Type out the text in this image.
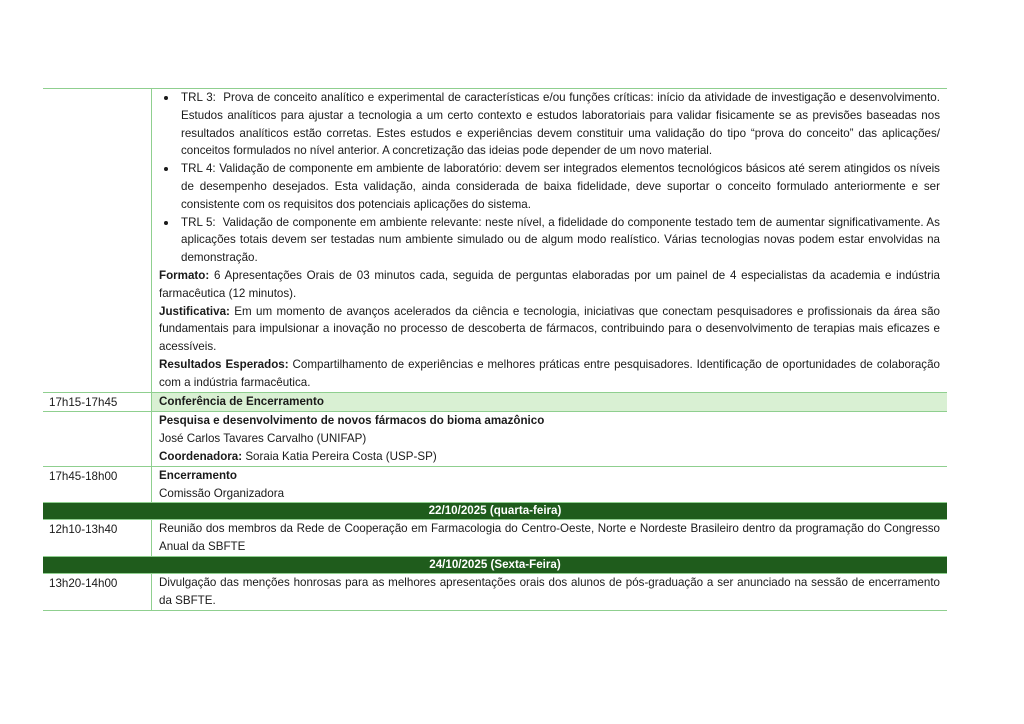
TRL 3: Prova de conceito analítico e experimental de características e/ou funções críticas: início da atividade de investigação e desenvolvimento. Estudos analíticos para ajustar a tecnologia a um certo contexto e estudos laboratoriais para validar fisicamente se as previsões baseadas nos resultados analíticos estão corretas. Estes estudos e experiências devem constituir uma validação do tipo “prova do conceito” das aplicações/ conceitos formulados no nível anterior. A concretização das ideias pode depender de um novo material.
TRL 4: Validação de componente em ambiente de laboratório: devem ser integrados elementos tecnológicos básicos até serem atingidos os níveis de desempenho desejados. Esta validação, ainda considerada de baixa fidelidade, deve suportar o conceito formulado anteriormente e ser consistente com os requisitos dos potenciais aplicações do sistema.
TRL 5: Validação de componente em ambiente relevante: neste nível, a fidelidade do componente testado tem de aumentar significativamente. As aplicações totais devem ser testadas num ambiente simulado ou de algum modo realístico. Várias tecnologias novas podem estar envolvidas na demonstração.

Formato: 6 Apresentações Orais de 03 minutos cada, seguida de perguntas elaboradas por um painel de 4 especialistas da academia e indústria farmacêutica (12 minutos).

Justificativa: Em um momento de avanços acelerados da ciência e tecnologia, iniciativas que conectam pesquisadores e profissionais da área são fundamentais para impulsionar a inovação no processo de descoberta de fármacos, contribuindo para o desenvolvimento de terapias mais eficazes e acessíveis.

Resultados Esperados: Compartilhamento de experiências e melhores práticas entre pesquisadores. Identificação de oportunidades de colaboração com a indústria farmacêutica.

17h15-17h45	Conferência de Encerramento

Pesquisa e desenvolvimento de novos fármacos do bioma amazônico

José Carlos Tavares Carvalho (UNIFAP)

Coordenadora: Soraia Katia Pereira Costa (USP-SP)

17h45-18h00	Encerramento

Comissão Organizadora

22/10/2025 (quarta-feira)
12h10-13h40	Reunião dos membros da Rede de Cooperação em Farmacologia do Centro-Oeste, Norte e Nordeste Brasileiro dentro da programação do Congresso Anual da SBFTE
24/10/2025 (Sexta-Feira)
13h20-14h00	Divulgação das menções honrosas para as melhores apresentações orais dos alunos de pós-graduação a ser anunciado na sessão de encerramento da SBFTE.
